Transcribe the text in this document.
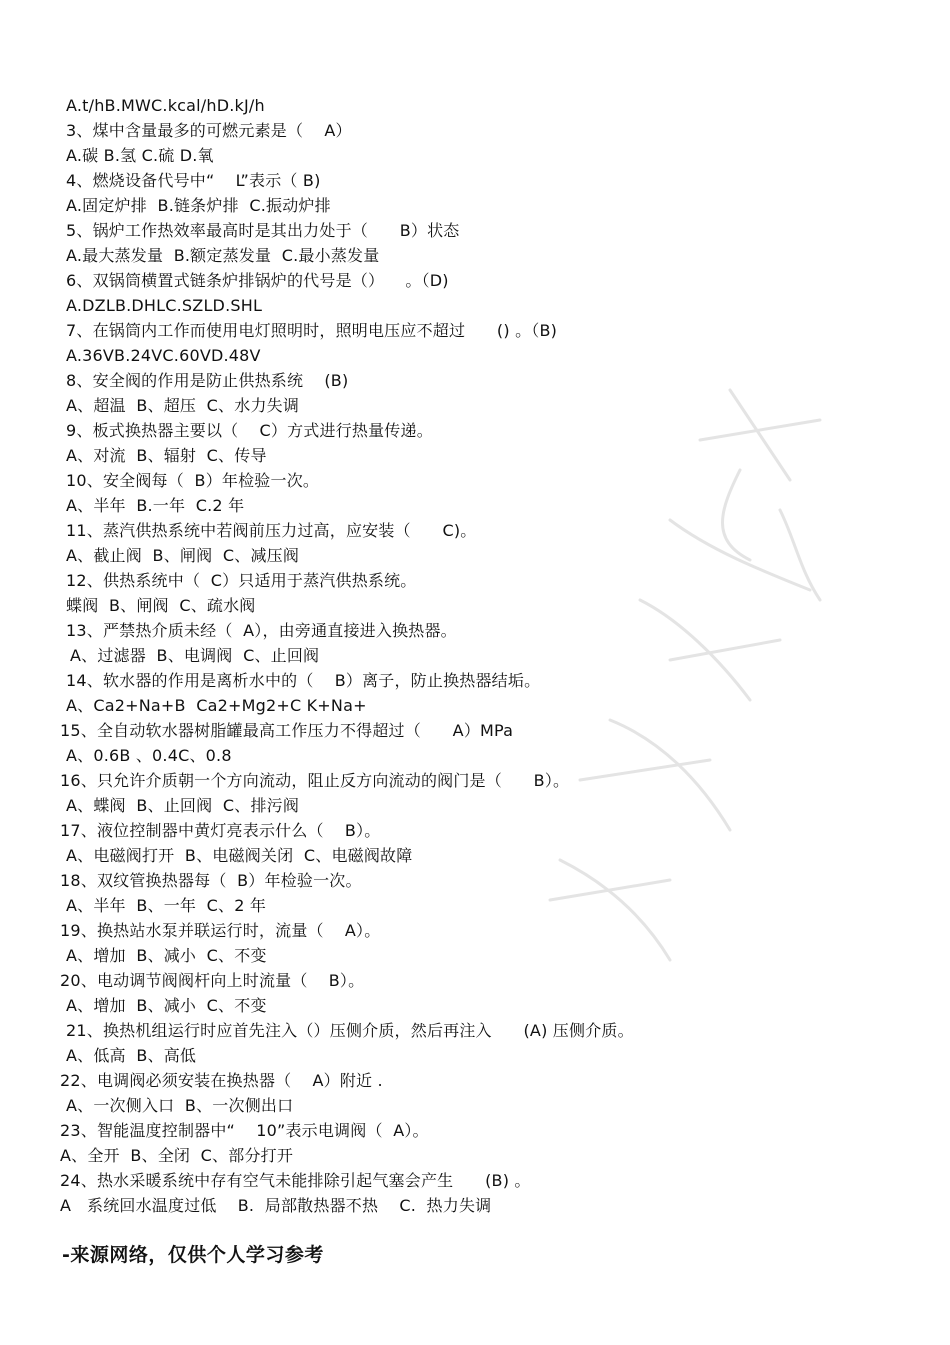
A.t/hB.MWC.kcal/hD.kJ/h
3、煤中含量最多的可燃元素是（    A）
A.碳 B.氢 C.硫 D.氧
4、燃烧设备代号中“    L”表示（ B)
A.固定炉排  B.链条炉排  C.振动炉排
5、锅炉工作热效率最高时是其出力处于（      B）状态
A.最大蒸发量  B.额定蒸发量  C.最小蒸发量
6、双锅筒横置式链条炉排锅炉的代号是（）    。（D)
A.DZLB.DHLC.SZLD.SHL
7、在锅筒内工作而使用电灯照明时，照明电压应不超过      () 。（B)
A.36VB.24VC.60VD.48V
8、安全阀的作用是防止供热系统    (B)
A、超温  B、超压  C、水力失调
9、板式换热器主要以（    C）方式进行热量传递。
A、对流  B、辐射  C、传导
10、安全阀每（  B）年检验一次。
A、半年  B.一年  C.2 年
11、蒸汽供热系统中若阀前压力过高，应安装（      C)。
A、截止阀  B、闸阀  C、减压阀
12、供热系统中（  C）只适用于蒸汽供热系统。
蝶阀  B、闸阀  C、疏水阀
13、严禁热介质未经（  A），由旁通直接进入换热器。
A、过滤器  B、电调阀  C、止回阀
14、软水器的作用是离析水中的（    B）离子，防止换热器结垢。
A、Ca2+Na+B  Ca2+Mg2+C K+Na+
15、全自动软水器树脂罐最高工作压力不得超过（      A）MPa
A、0.6B 、0.4C、0.8
16、只允许介质朝一个方向流动，阻止反方向流动的阀门是（      B）。
A、蝶阀  B、止回阀  C、排污阀
17、液位控制器中黄灯亮表示什么（    B）。
A、电磁阀打开  B、电磁阀关闭  C、电磁阀故障
18、双纹管换热器每（  B）年检验一次。
A、半年  B、一年  C、2 年
19、换热站水泵并联运行时，流量（    A）。
A、增加  B、减小  C、不变
20、电动调节阀阀杆向上时流量（    B）。
A、增加  B、减小  C、不变
21、换热机组运行时应首先注入（）压侧介质，然后再注入      (A) 压侧介质。
A、低高  B、高低
22、电调阀必须安装在换热器（    A）附近 .
A、一次侧入口  B、一次侧出口
23、智能温度控制器中“    10”表示电调阀（  A）。
A、全开  B、全闭  C、部分打开
24、热水采暖系统中存有空气未能排除引起气塞会产生      (B) 。
A   系统回水温度过低    B.  局部散热器不热    C.  热力失调
-来源网络，仅供个人学习参考
